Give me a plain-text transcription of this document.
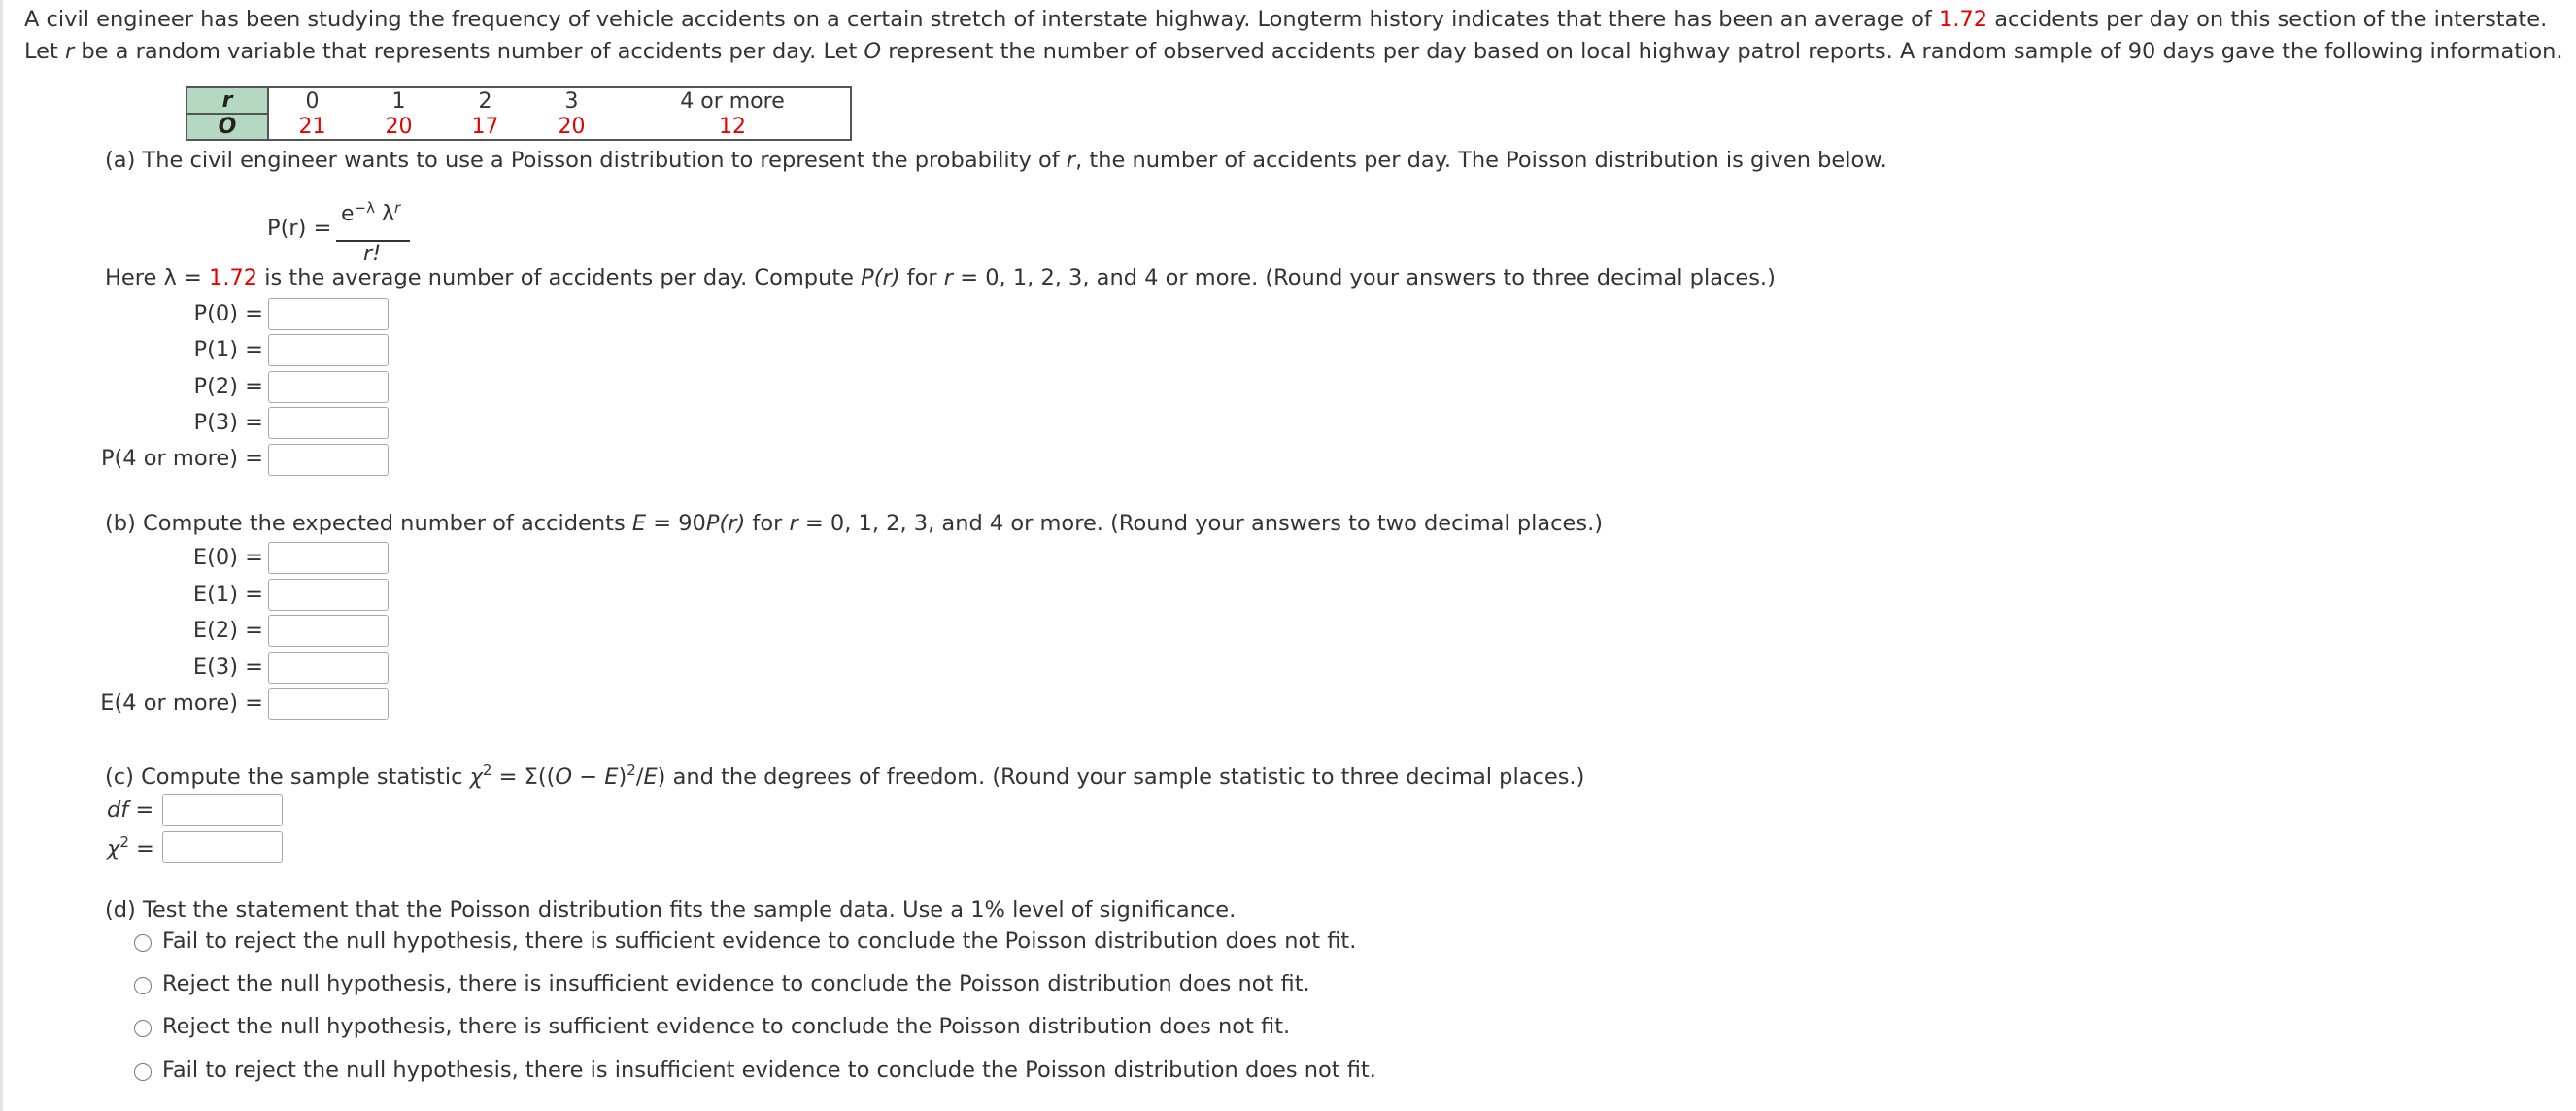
A civil engineer has been studying the frequency of vehicle accidents on a certain stretch of interstate highway. Longterm history indicates that there has been an average of 1.72 accidents per day on this section of the interstate. Let r be a random variable that represents number of accidents per day. Let O represent the number of observed accidents per day based on local highway patrol reports. A random sample of 90 days gave the following information.
r	0	1	2	3	4 or more
O	21	20	17	20	12
(a) The civil engineer wants to use a Poisson distribution to represent the probability of r, the number of accidents per day. The Poisson distribution is given below.
P(r) =
$e^{-\lambda}$ $\lambda^r$
r!
Here λ = 1.72 is the average number of accidents per day. Compute P(r) for r = 0, 1, 2, 3, and 4 or more. (Round your answers to three decimal places.)
P(0) =
P(1) =
P(2) =
P(3) =
P(4 or more) =
(b) Compute the expected number of accidents E = 90P(r) for r = 0, 1, 2, 3, and 4 or more. (Round your answers to two decimal places.)
E(0) =
E(1) =
E(2) =
E(3) =
E(4 or more) =
(c) Compute the sample statistic $\chi^2 = \Sigma((O - E)^2/E)$ and the degrees of freedom. (Round your sample statistic to three decimal places.)
df =
$\chi^2$ =
(d) Test the statement that the Poisson distribution fits the sample data. Use a 1% level of significance.
Fail to reject the null hypothesis, there is sufficient evidence to conclude the Poisson distribution does not fit.
Reject the null hypothesis, there is insufficient evidence to conclude the Poisson distribution does not fit.
Reject the null hypothesis, there is sufficient evidence to conclude the Poisson distribution does not fit.
Fail to reject the null hypothesis, there is insufficient evidence to conclude the Poisson distribution does not fit.
